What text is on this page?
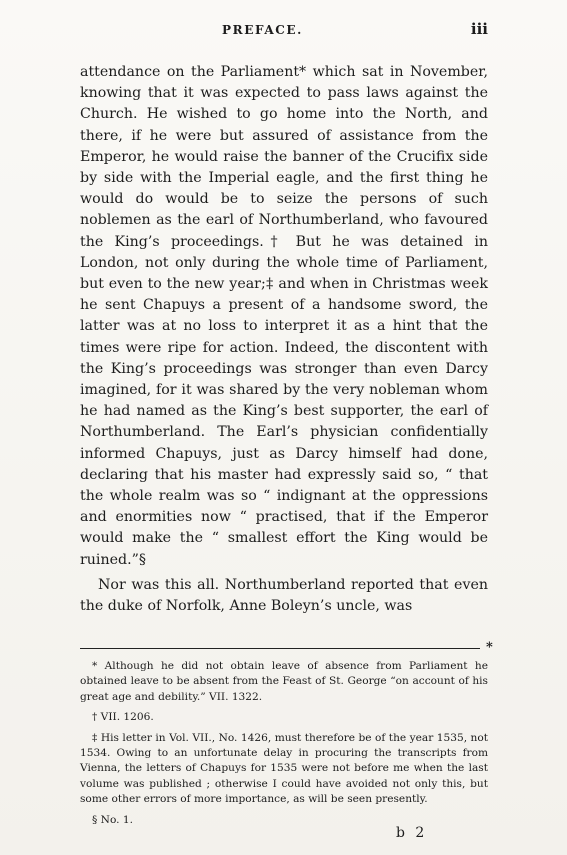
PREFACE.	iii

attendance on the Parliament* which sat in November, knowing that it was expected to pass laws against the Church. He wished to go home into the North, and there, if he were but assured of assistance from the Emperor, he would raise the banner of the Crucifix side by side with the Imperial eagle, and the first thing he would do would be to seize the persons of such noblemen as the earl of Northumberland, who favoured the King’s proceedings.† But he was detained in London, not only during the whole time of Parliament, but even to the new year;‡ and when in Christmas week he sent Chapuys a present of a handsome sword, the latter was at no loss to interpret it as a hint that the times were ripe for action. Indeed, the discontent with the King’s proceedings was stronger than even Darcy imagined, for it was shared by the very nobleman whom he had named as the King’s best supporter, the earl of Northumberland. The Earl’s physician confidentially informed Chapuys, just as Darcy himself had done, declaring that his master had expressly said so, “ that the whole realm was so “ indignant at the oppressions and enormities now “ practised, that if the Emperor would make the “ smallest effort the King would be ruined.”§

Nor was this all. Northumberland reported that even the duke of Norfolk, Anne Boleyn’s uncle, was

*

* Although he did not obtain leave of absence from Parliament he obtained leave to be absent from the Feast of St. George “on account of his great age and debility.” VII. 1322.

† VII. 1206.

‡ His letter in Vol. VII., No. 1426, must therefore be of the year 1535, not 1534. Owing to an unfortunate delay in procuring the transcripts from Vienna, the letters of Chapuys for 1535 were not before me when the last volume was published ; otherwise I could have avoided not only this, but some other errors of more importance, as will be seen presently.

§ No. 1.

b 2
